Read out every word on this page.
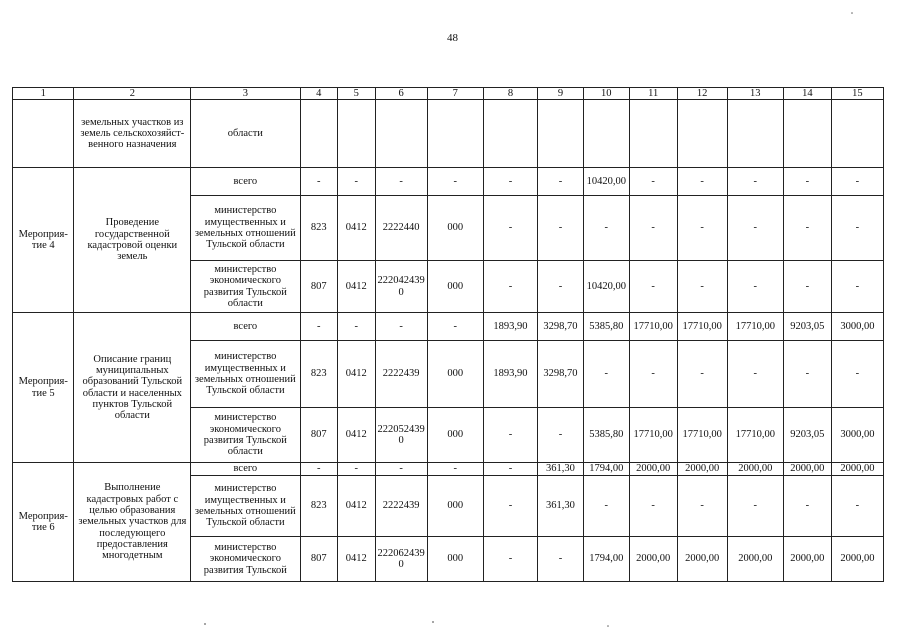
48
1	2	3	4	5	6	7	8	9	10	11	12	13	14	15
	земельных участков из земель сельскохозяйст-венного назначения	области												
Мероприя-тие 4	Проведение государственной кадастровой оценки земель	всего	-	-	-	-	-	-	10420,00	-	-	-	-	-
		министерство имущественных и земельных отношений Тульской области	823	0412	2222440	000	-	-	-	-	-	-	-	-
		министерство экономического развития Тульской области	807	0412	2220424390	000	-	-	10420,00	-	-	-	-	-
Мероприя-тие 5	Описание границ муниципальных образований Тульской области и населенных пунктов Тульской области	всего	-	-	-	-	1893,90	3298,70	5385,80	17710,00	17710,00	17710,00	9203,05	3000,00
		министерство имущественных и земельных отношений Тульской области	823	0412	2222439	000	1893,90	3298,70	-	-	-	-	-	-
		министерство экономического развития Тульской области	807	0412	2220524390	000	-	-	5385,80	17710,00	17710,00	17710,00	9203,05	3000,00
Мероприя-тие 6	Выполнение кадастровых работ с целью образования земельных участков для последующего предоставления многодетным	всего	-	-	-	-	-	361,30	1794,00	2000,00	2000,00	2000,00	2000,00	2000,00
		министерство имущественных и земельных отношений Тульской области	823	0412	2222439	000	-	361,30	-	-	-	-	-	-
		министерство экономического развития Тульской	807	0412	2220624390	000	-	-	1794,00	2000,00	2000,00	2000,00	2000,00	2000,00
